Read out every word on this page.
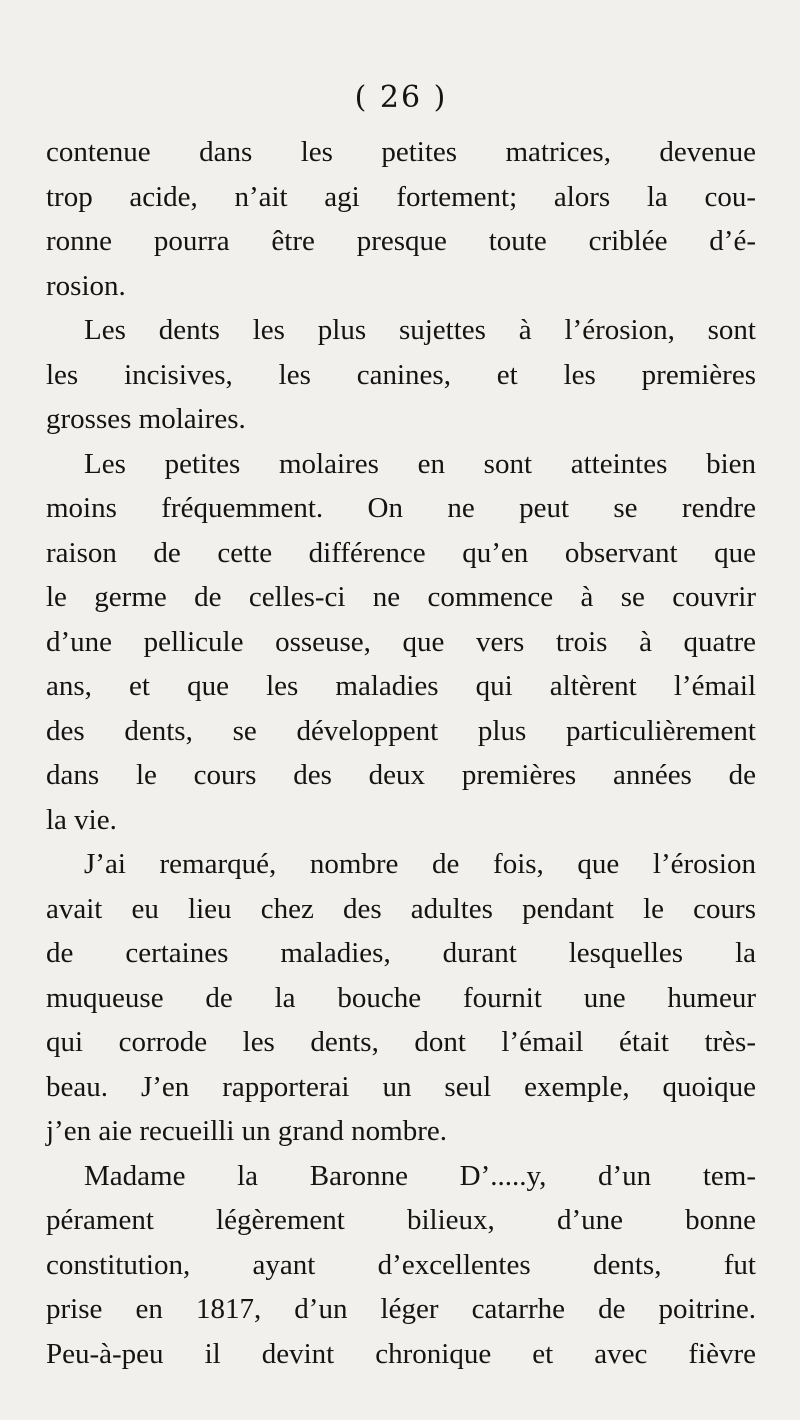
( 26 )

contenue dans les petites matrices, devenue
trop acide, n’ait agi fortement; alors la cou-
ronne pourra être presque toute criblée d’é-
rosion.

Les dents les plus sujettes à l’érosion, sont
les incisives, les canines, et les premières
grosses molaires.

Les petites molaires en sont atteintes bien
moins fréquemment. On ne peut se rendre
raison de cette différence qu’en observant que
le germe de celles-ci ne commence à se couvrir
d’une pellicule osseuse, que vers trois à quatre
ans, et que les maladies qui altèrent l’émail
des dents, se développent plus particulièrement
dans le cours des deux premières années de
la vie.

J’ai remarqué, nombre de fois, que l’érosion
avait eu lieu chez des adultes pendant le cours
de certaines maladies, durant lesquelles la
muqueuse de la bouche fournit une humeur
qui corrode les dents, dont l’émail était très-
beau. J’en rapporterai un seul exemple, quoique
j’en aie recueilli un grand nombre.

Madame la Baronne D’.....y, d’un tem-
pérament légèrement bilieux, d’une bonne
constitution, ayant d’excellentes dents, fut
prise en 1817, d’un léger catarrhe de poitrine.
Peu-à-peu il devint chronique et avec fièvre
